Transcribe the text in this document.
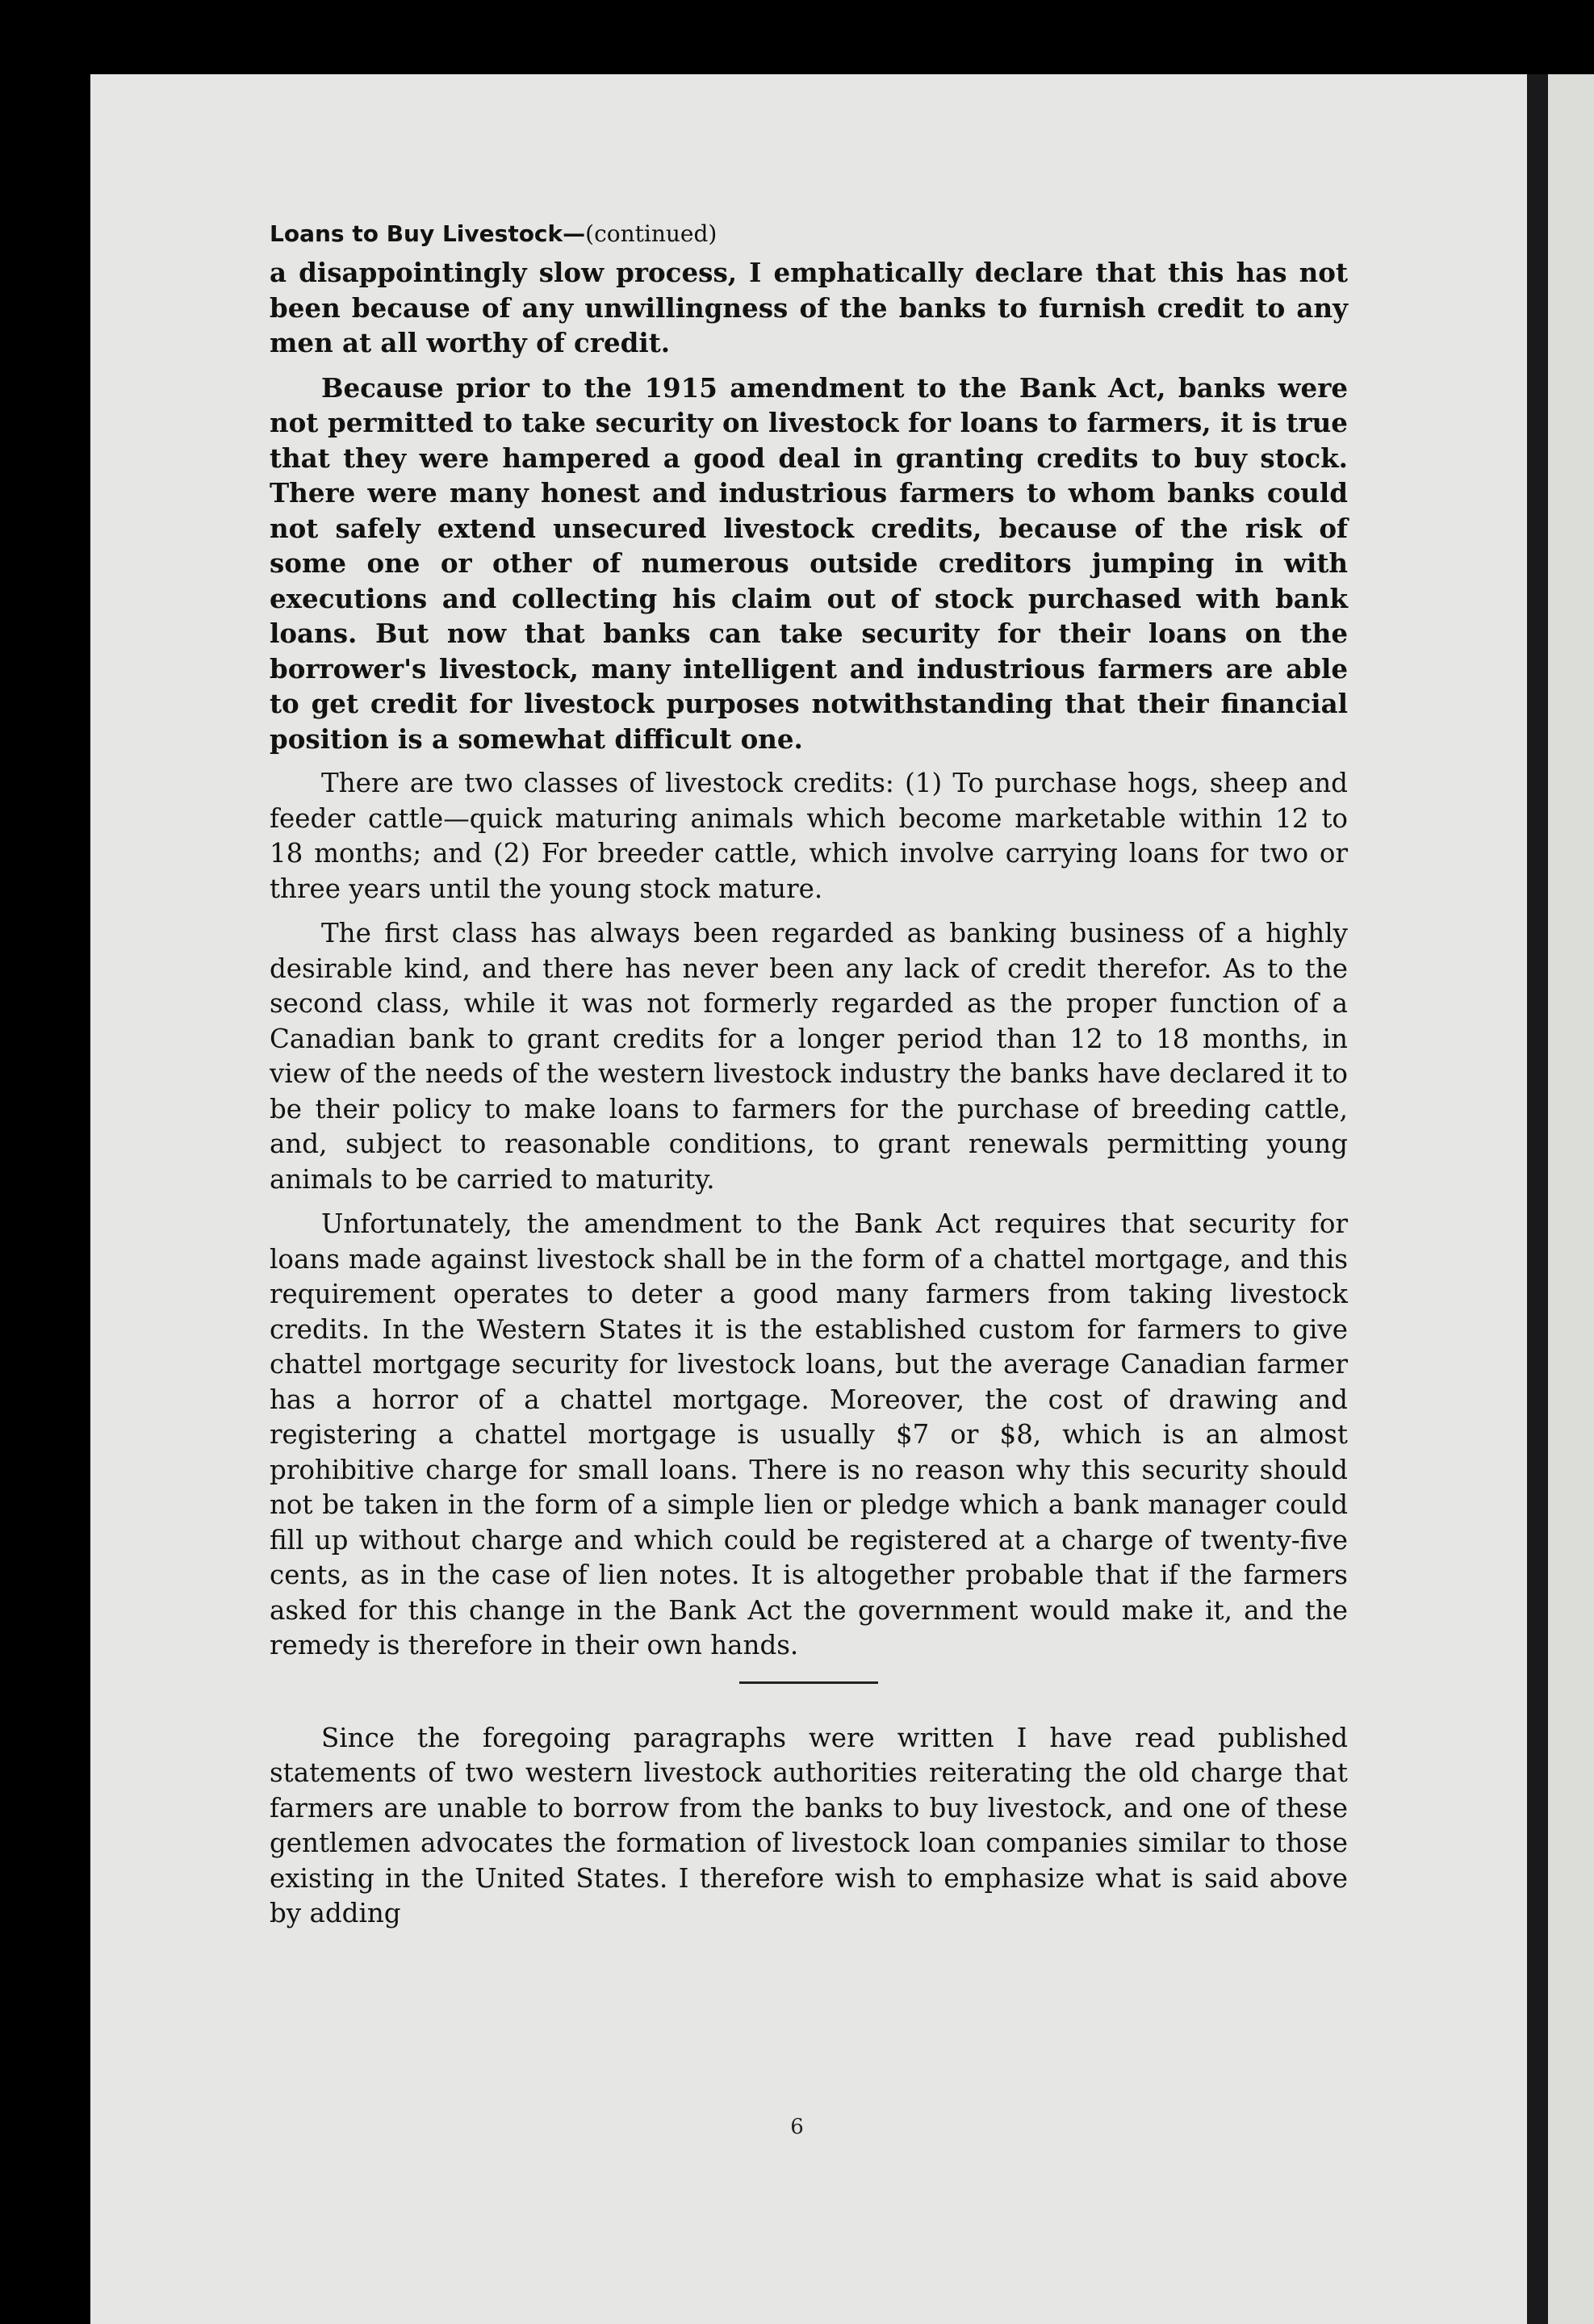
Loans to Buy Livestock—(continued)

a disappointingly slow process, I emphatically declare that this has not been because of any unwillingness of the banks to furnish credit to any men at all worthy of credit.

Because prior to the 1915 amendment to the Bank Act, banks were not permitted to take security on livestock for loans to farmers, it is true that they were hampered a good deal in granting credits to buy stock. There were many honest and industrious farmers to whom banks could not safely extend unsecured livestock credits, because of the risk of some one or other of numerous outside creditors jumping in with executions and collecting his claim out of stock purchased with bank loans. But now that banks can take security for their loans on the borrower's livestock, many intelligent and industrious farmers are able to get credit for livestock purposes notwithstanding that their financial position is a somewhat difficult one.

There are two classes of livestock credits: (1) To purchase hogs, sheep and feeder cattle—quick maturing animals which become marketable within 12 to 18 months; and (2) For breeder cattle, which involve carrying loans for two or three years until the young stock mature.

The first class has always been regarded as banking business of a highly desirable kind, and there has never been any lack of credit therefor. As to the second class, while it was not formerly regarded as the proper function of a Canadian bank to grant credits for a longer period than 12 to 18 months, in view of the needs of the western livestock industry the banks have declared it to be their policy to make loans to farmers for the purchase of breeding cattle, and, subject to reasonable conditions, to grant renewals permitting young animals to be carried to maturity.

Unfortunately, the amendment to the Bank Act requires that security for loans made against livestock shall be in the form of a chattel mortgage, and this requirement operates to deter a good many farmers from taking livestock credits. In the Western States it is the established custom for farmers to give chattel mortgage security for livestock loans, but the average Canadian farmer has a horror of a chattel mortgage. Moreover, the cost of drawing and registering a chattel mortgage is usually $7 or $8, which is an almost prohibitive charge for small loans. There is no reason why this security should not be taken in the form of a simple lien or pledge which a bank manager could fill up without charge and which could be registered at a charge of twenty-five cents, as in the case of lien notes. It is altogether probable that if the farmers asked for this change in the Bank Act the government would make it, and the remedy is therefore in their own hands.

Since the foregoing paragraphs were written I have read published statements of two western livestock authorities reiterating the old charge that farmers are unable to borrow from the banks to buy livestock, and one of these gentlemen advocates the formation of livestock loan companies similar to those existing in the United States. I therefore wish to emphasize what is said above by adding

6
